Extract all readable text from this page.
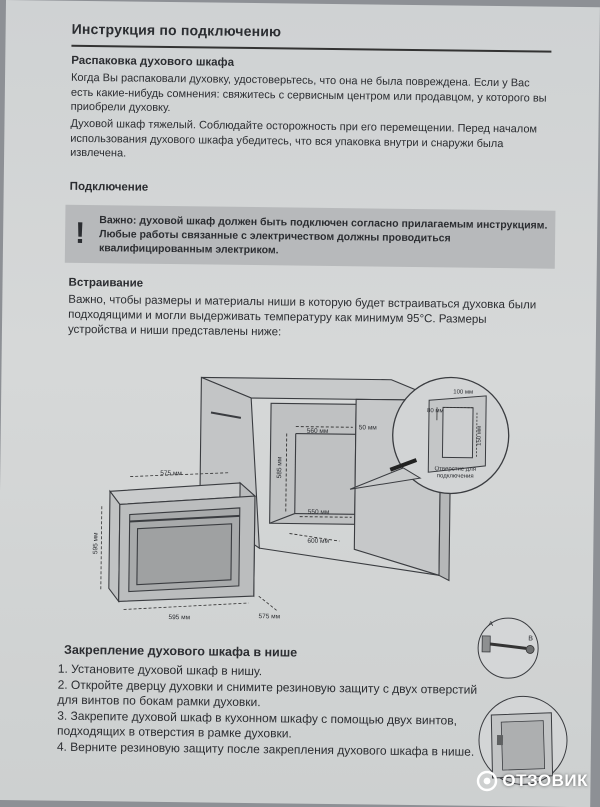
Инструкция по подключению
Распаковка духового шкафа

Когда Вы распаковали духовку, удостоверьтесь, что она не была повреждена. Если у Вас есть какие-нибудь сомнения: свяжитесь с сервисным центром или продавцом, у которого вы приобрели духовку.

Духовой шкаф тяжелый. Соблюдайте осторожность при его перемещении. Перед началом использования духового шкафа убедитесь, что вся упаковка внутри и снаружи была извлечена.

Подключение
!	Важно: духовой шкаф должен быть подключен согласно прилагаемым инструкциям. Любые работы связанные с электричеством должны проводиться квалифицированным электриком.

Встраивание

Важно, чтобы размеры и материалы ниши в которую будет встраиваться духовка были подходящими и могли выдерживать температуру как минимум 95°С. Размеры устройства и ниши представлены ниже:

560 мм
585 мм
50 мм
550 мм
600 мм
100 мм
80 мм
150 мм
Отверстие для подключения
575 мм
595 мм
595 мм	575 мм
Закрепление духового шкафа в нише
1. Установите духовой шкаф в нишу.
2. Откройте дверцу духовки и снимите резиновую защиту с двух отверстий для винтов по бокам рамки духовки.
3. Закрепите духовой шкаф в кухонном шкафу с помощью двух винтов, подходящих в отверстия в рамке духовки.
4. Верните резиновую защиту после закрепления духового шкафа в нише.
A
B
ОТЗОВИК
